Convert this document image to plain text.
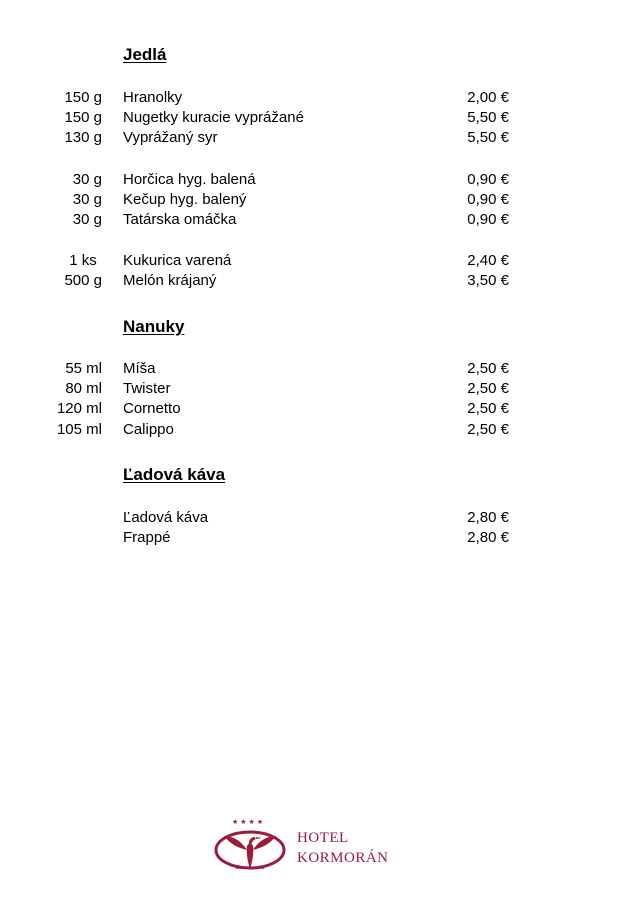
Jedlá
Nanuky
Ľadová káva
150 g Hranolky	2,00 €
150 g Nugetky kuracie vyprážané	5,50 €
130 g Vyprážaný syr	5,50 €
30 g Horčica hyg. balená	0,90 €
30 g Kečup hyg. balený	0,90 €
30 g Tatárska omáčka	0,90 €
1 ks	Kukurica varená	2,40 €
500 g Melón krájaný	3,50 €
55 ml Míša	2,50 €
80 ml Twister	2,50 €
120 ml Cornetto	2,50 €
105 ml Calippo	2,50 €
Ľadová káva	2,80 €
Frappé	2,80 €
★★★★
HOTEL
KORMORÁN
